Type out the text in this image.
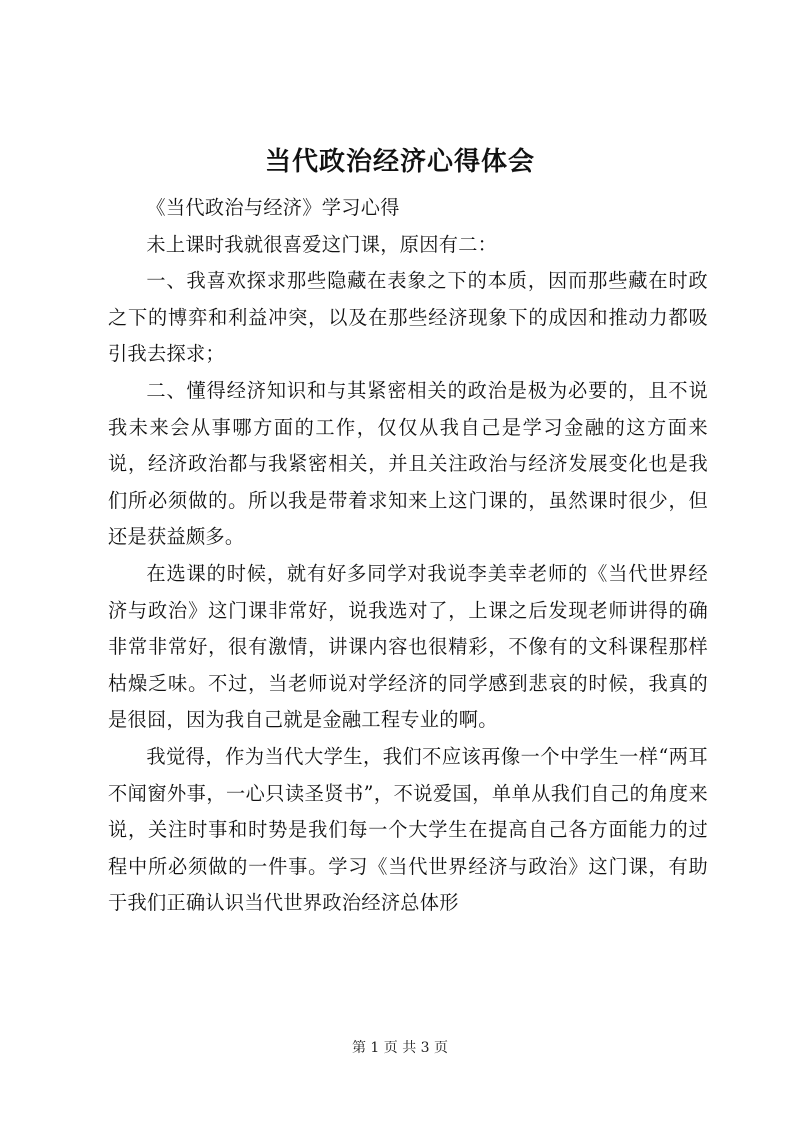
当代政治经济心得体会

《当代政治与经济》学习心得

未上课时我就很喜爱这门课，原因有二：

一、我喜欢探求那些隐藏在表象之下的本质，因而那些藏在时政之下的博弈和利益冲突，以及在那些经济现象下的成因和推动力都吸引我去探求；

二、懂得经济知识和与其紧密相关的政治是极为必要的，且不说我未来会从事哪方面的工作，仅仅从我自己是学习金融的这方面来说，经济政治都与我紧密相关，并且关注政治与经济发展变化也是我们所必须做的。所以我是带着求知来上这门课的，虽然课时很少，但还是获益颇多。

在选课的时候，就有好多同学对我说李美幸老师的《当代世界经济与政治》这门课非常好，说我选对了，上课之后发现老师讲得的确非常非常好，很有激情，讲课内容也很精彩，不像有的文科课程那样枯燥乏味。不过，当老师说对学经济的同学感到悲哀的时候，我真的是很囧，因为我自己就是金融工程专业的啊。

我觉得，作为当代大学生，我们不应该再像一个中学生一样“两耳不闻窗外事，一心只读圣贤书”，不说爱国，单单从我们自己的角度来说，关注时事和时势是我们每一个大学生在提高自己各方面能力的过程中所必须做的一件事。学习《当代世界经济与政治》这门课，有助于我们正确认识当代世界政治经济总体形

第 1 页 共 3 页
